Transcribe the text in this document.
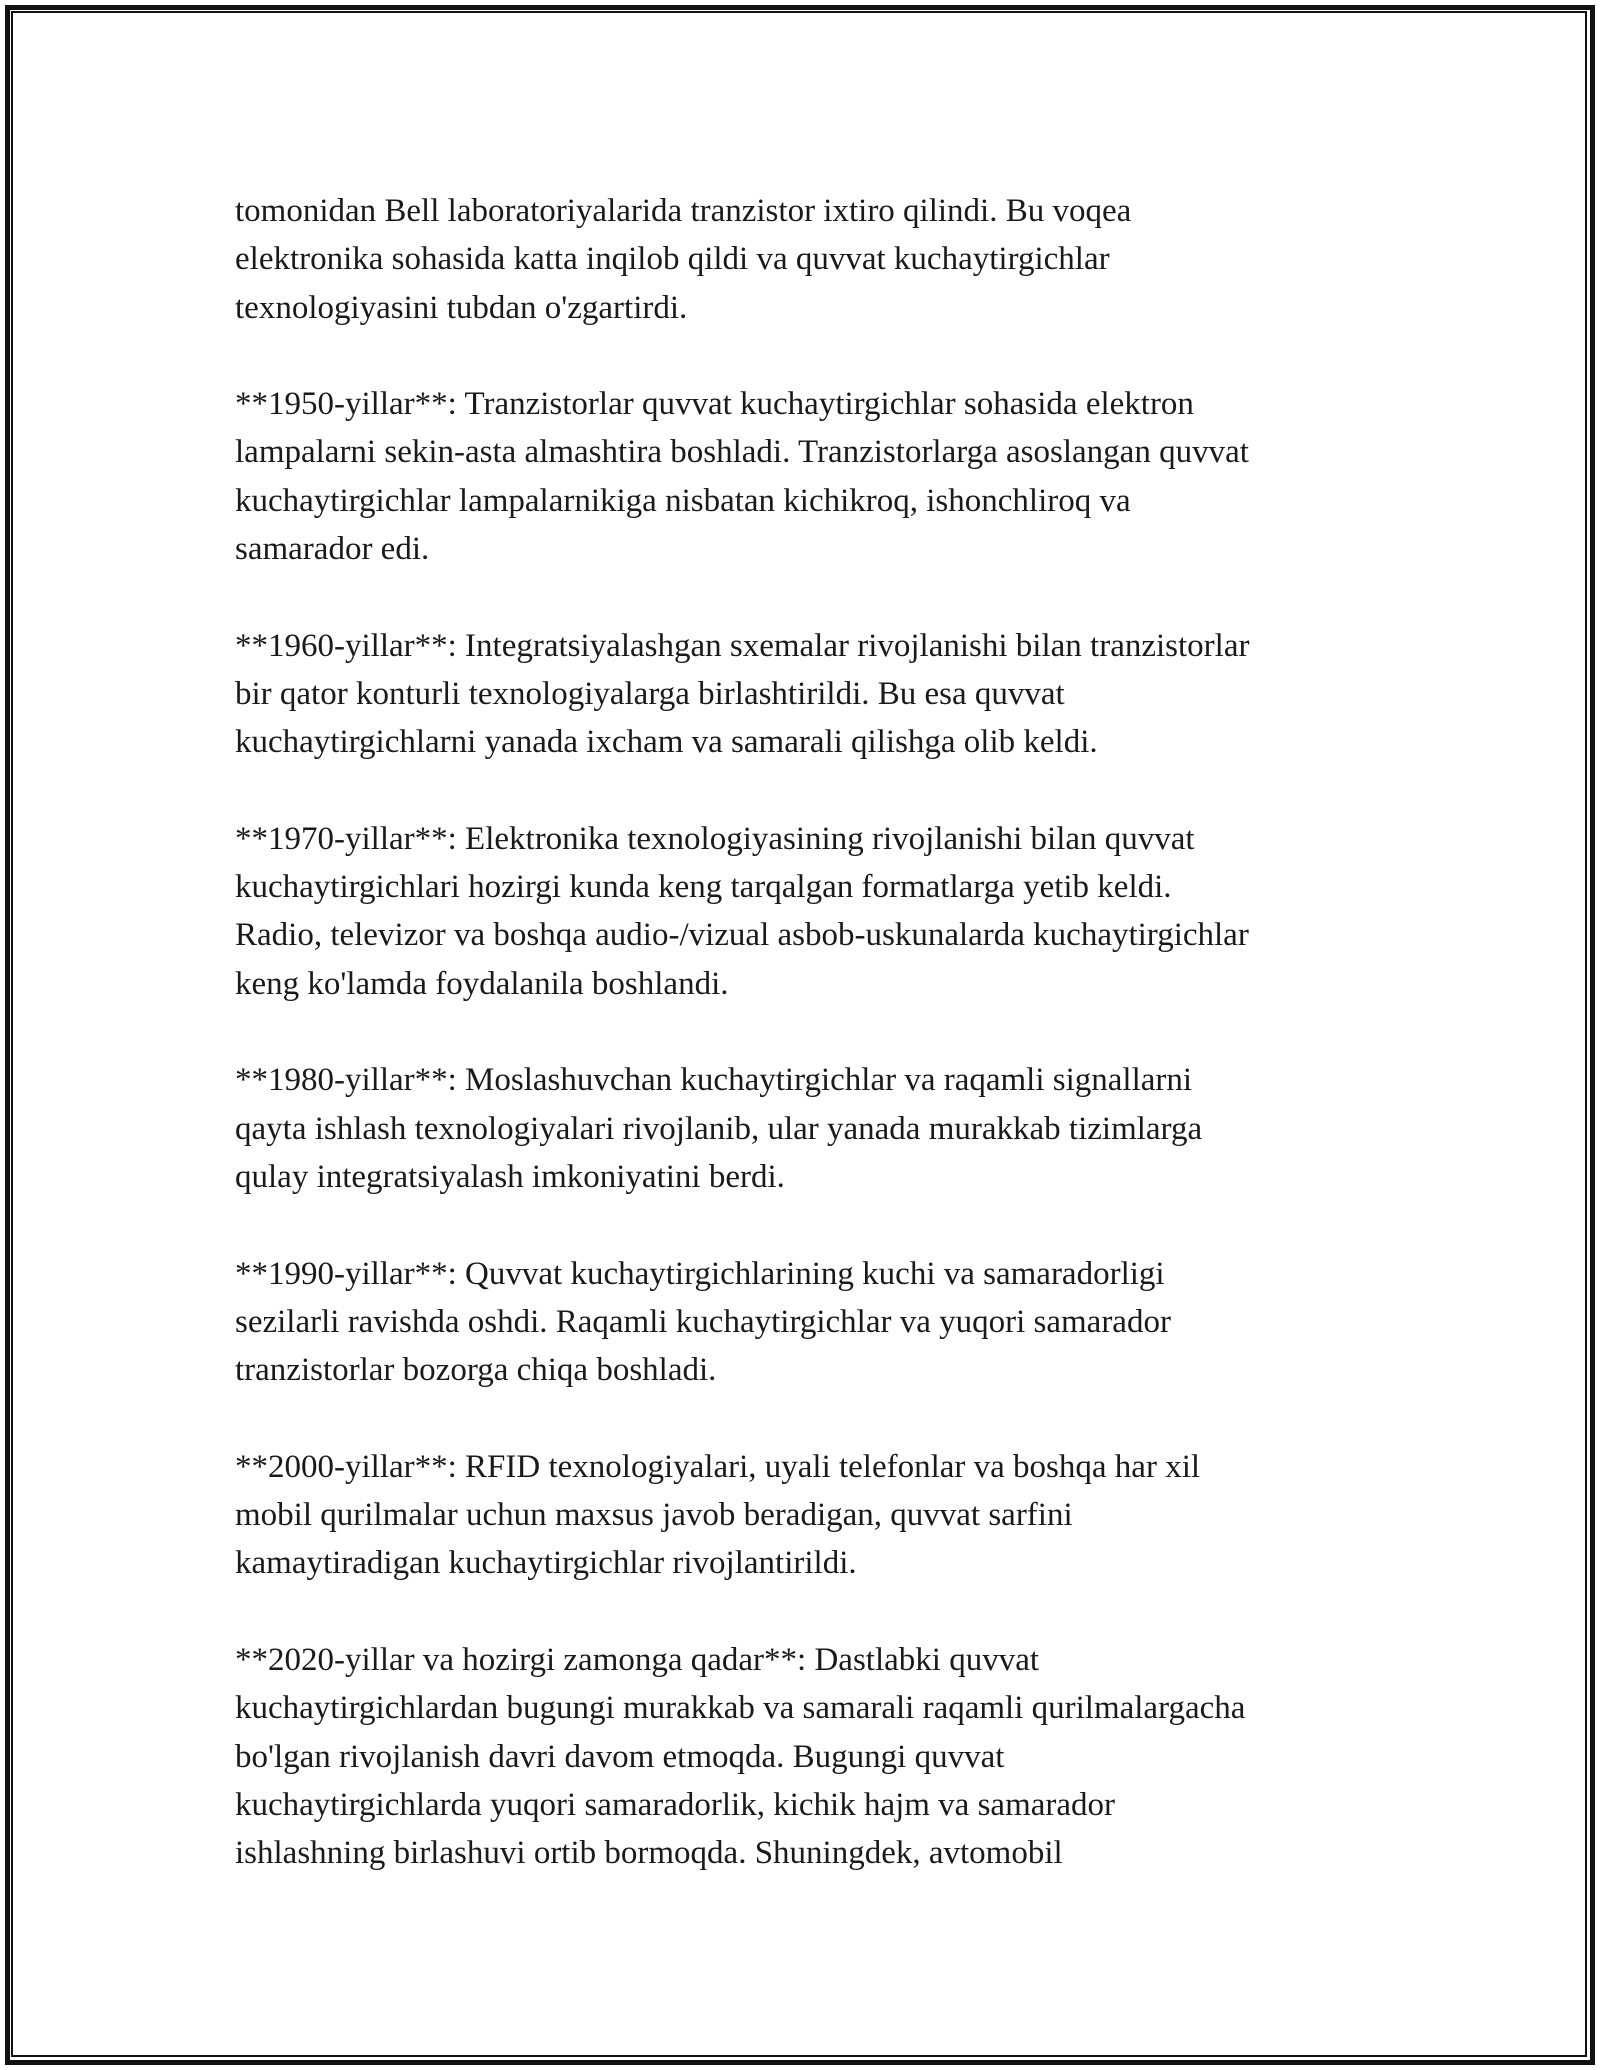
tomonidan Bell laboratoriyalarida tranzistor ixtiro qilindi. Bu voqea
elektronika sohasida katta inqilob qildi va quvvat kuchaytirgichlar
texnologiyasini tubdan o'zgartirdi.

**1950-yillar**: Tranzistorlar quvvat kuchaytirgichlar sohasida elektron
lampalarni sekin-asta almashtira boshladi. Tranzistorlarga asoslangan quvvat
kuchaytirgichlar lampalarnikiga nisbatan kichikroq, ishonchliroq va
samarador edi.

**1960-yillar**: Integratsiyalashgan sxemalar rivojlanishi bilan tranzistorlar
bir qator konturli texnologiyalarga birlashtirildi. Bu esa quvvat
kuchaytirgichlarni yanada ixcham va samarali qilishga olib keldi.

**1970-yillar**: Elektronika texnologiyasining rivojlanishi bilan quvvat
kuchaytirgichlari hozirgi kunda keng tarqalgan formatlarga yetib keldi.
Radio, televizor va boshqa audio-/vizual asbob-uskunalarda kuchaytirgichlar
keng ko'lamda foydalanila boshlandi.

**1980-yillar**: Moslashuvchan kuchaytirgichlar va raqamli signallarni
qayta ishlash texnologiyalari rivojlanib, ular yanada murakkab tizimlarga
qulay integratsiyalash imkoniyatini berdi.

**1990-yillar**: Quvvat kuchaytirgichlarining kuchi va samaradorligi
sezilarli ravishda oshdi. Raqamli kuchaytirgichlar va yuqori samarador
tranzistorlar bozorga chiqa boshladi.

**2000-yillar**: RFID texnologiyalari, uyali telefonlar va boshqa har xil
mobil qurilmalar uchun maxsus javob beradigan, quvvat sarfini
kamaytiradigan kuchaytirgichlar rivojlantirildi.

**2020-yillar va hozirgi zamonga qadar**: Dastlabki quvvat
kuchaytirgichlardan bugungi murakkab va samarali raqamli qurilmalargacha
bo'lgan rivojlanish davri davom etmoqda. Bugungi quvvat
kuchaytirgichlarda yuqori samaradorlik, kichik hajm va samarador
ishlashning birlashuvi ortib bormoqda. Shuningdek, avtomobil
